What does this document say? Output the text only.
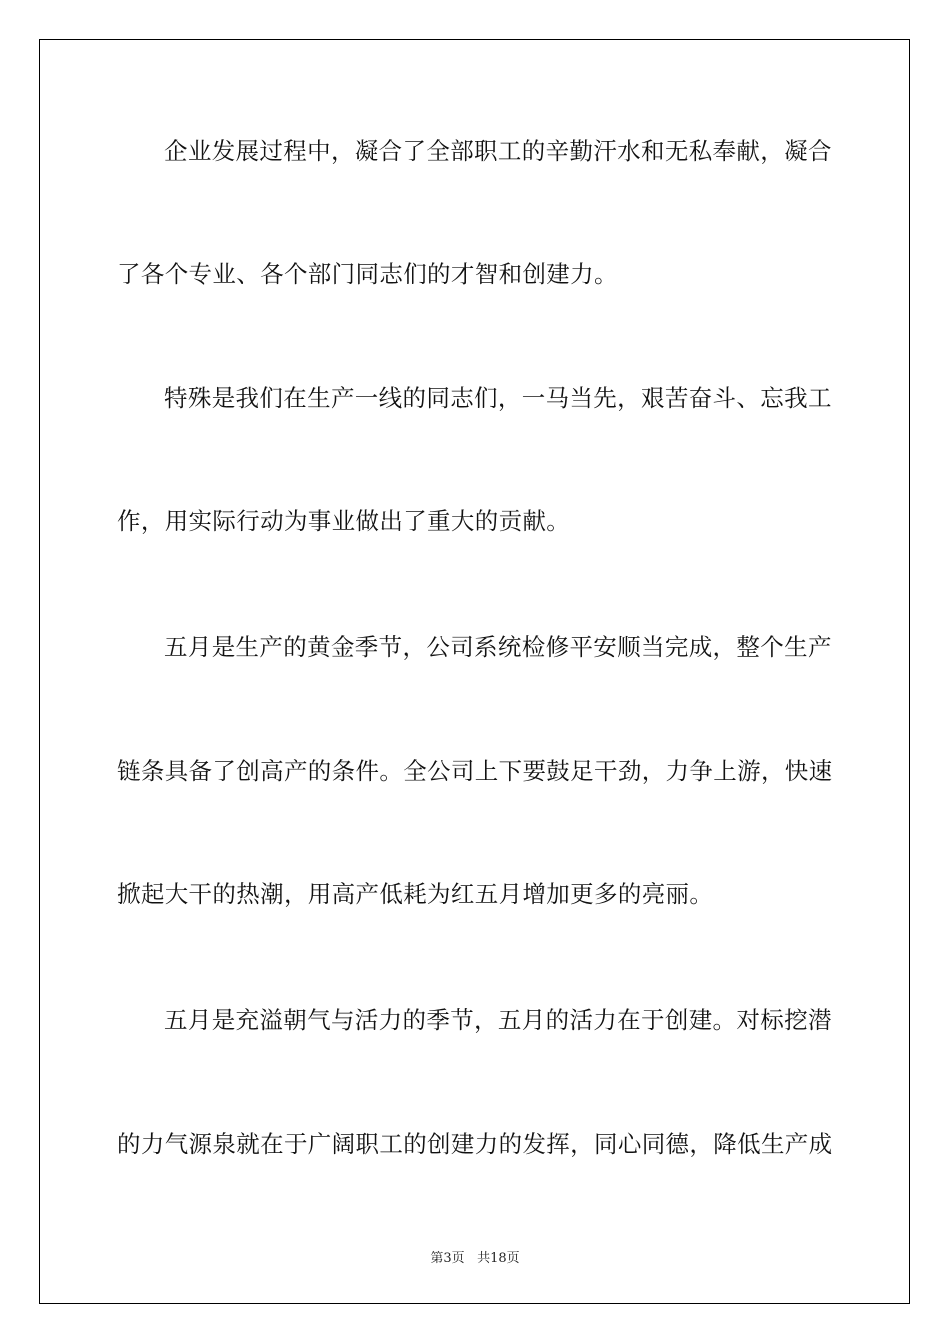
企业发展过程中，凝合了全部职工的辛勤汗水和无私奉献，凝合
了各个专业、各个部门同志们的才智和创建力。
特殊是我们在生产一线的同志们，一马当先，艰苦奋斗、忘我工
作，用实际行动为事业做出了重大的贡献。
五月是生产的黄金季节，公司系统检修平安顺当完成，整个生产
链条具备了创高产的条件。全公司上下要鼓足干劲，力争上游，快速
掀起大干的热潮，用高产低耗为红五月增加更多的亮丽。
五月是充溢朝气与活力的季节，五月的活力在于创建。对标挖潜
的力气源泉就在于广阔职工的创建力的发挥，同心同德，降低生产成
第3页 共18页
